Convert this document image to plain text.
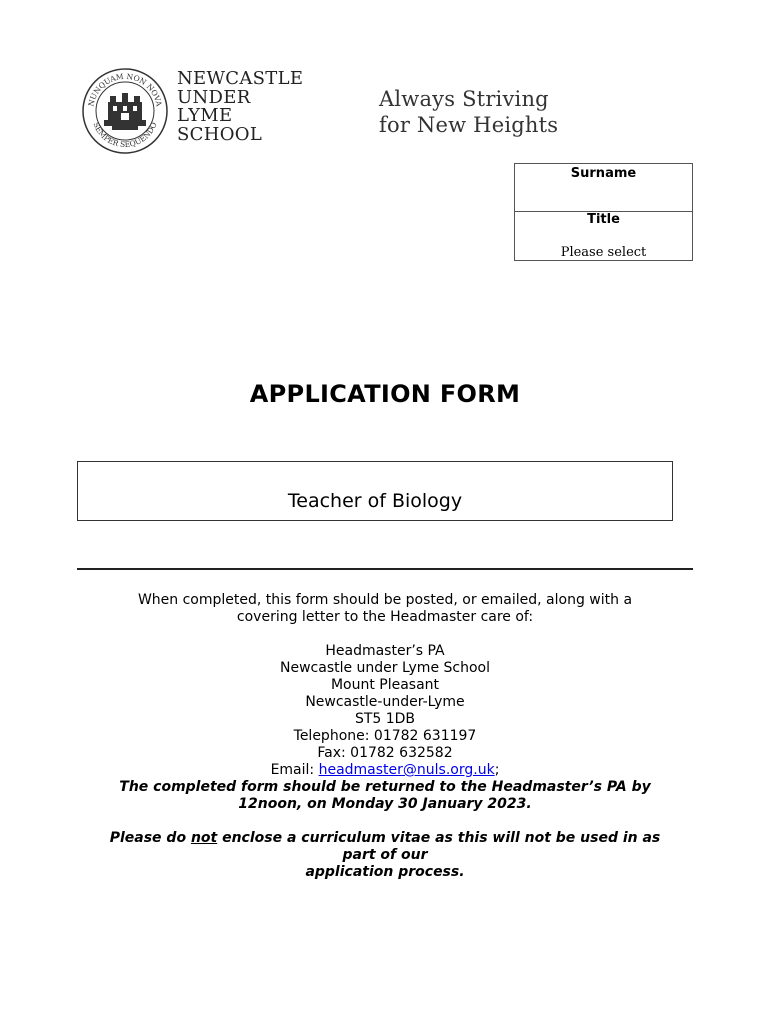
NUNQUAM NON NOVA
SEMPER SEQUENDO
NEWCASTLE
UNDER
LYME
SCHOOL
Always Striving
for New Heights
Surname
Title
Please select
APPLICATION FORM
Teacher of Biology

When completed, this form should be posted, or emailed, along with a

covering letter to the Headmaster care of:

Headmaster’s PA

Newcastle under Lyme School

Mount Pleasant

Newcastle-under-Lyme

ST5 1DB

Telephone: 01782 631197

Fax: 01782 632582

Email: headmaster@nuls.org.uk;

The completed form should be returned to the Headmaster’s PA by

12noon, on Monday 30 January 2023.

Please do not enclose a curriculum vitae as this will not be used in as

part of our

application process.
